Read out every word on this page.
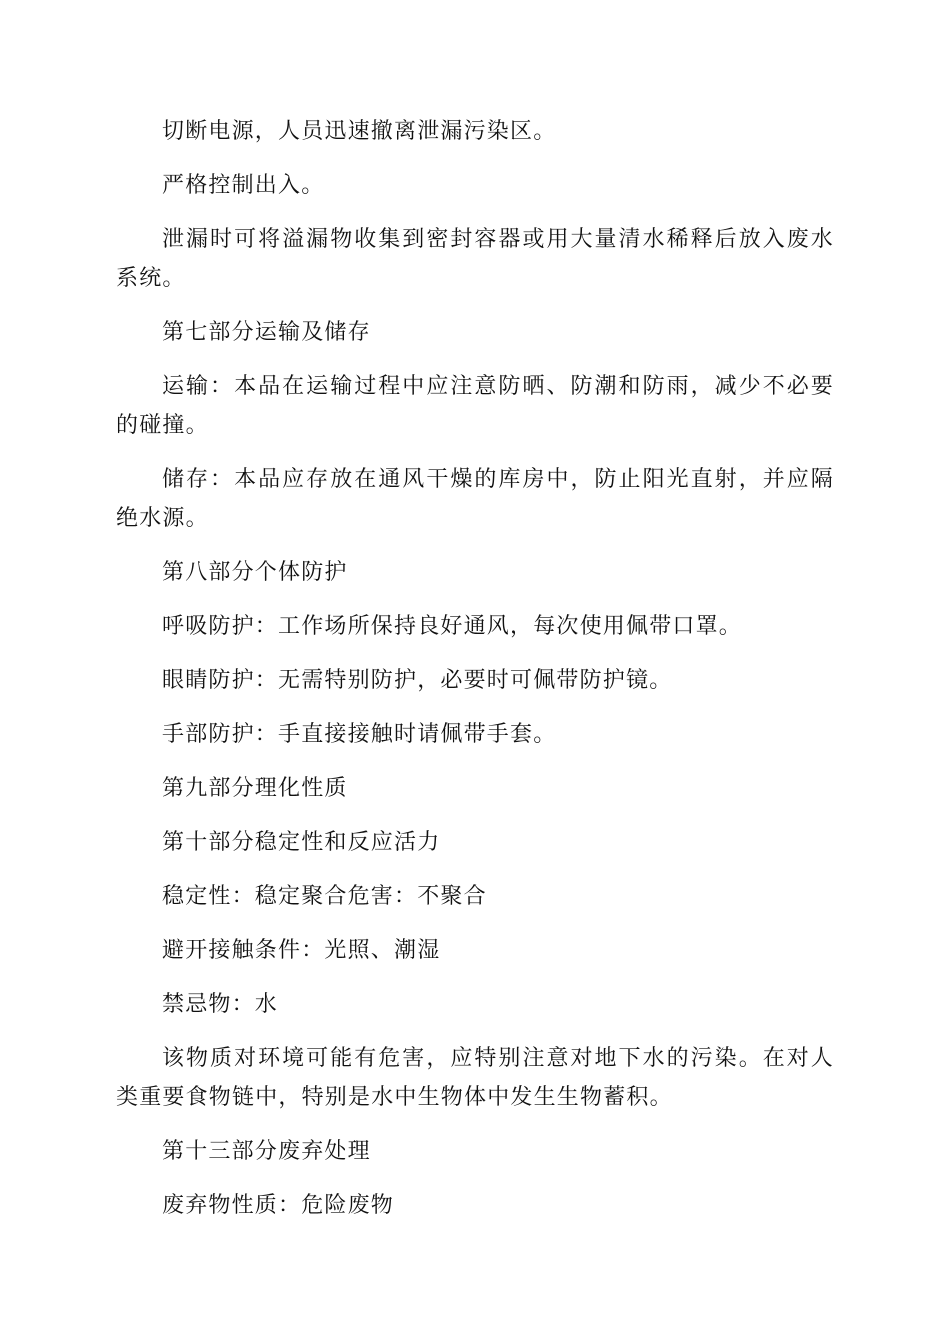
切断电源，人员迅速撤离泄漏污染区。

严格控制出入。

泄漏时可将溢漏物收集到密封容器或用大量清水稀释后放入废水系统。

第七部分运输及储存

运输：本品在运输过程中应注意防晒、防潮和防雨，减少不必要的碰撞。

储存：本品应存放在通风干燥的库房中，防止阳光直射，并应隔绝水源。

第八部分个体防护

呼吸防护：工作场所保持良好通风，每次使用佩带口罩。

眼睛防护：无需特别防护，必要时可佩带防护镜。

手部防护：手直接接触时请佩带手套。

第九部分理化性质

第十部分稳定性和反应活力

稳定性：稳定聚合危害：不聚合

避开接触条件：光照、潮湿

禁忌物：水

该物质对环境可能有危害，应特别注意对地下水的污染。在对人类重要食物链中，特别是水中生物体中发生生物蓄积。

第十三部分废弃处理

废弃物性质：危险废物
